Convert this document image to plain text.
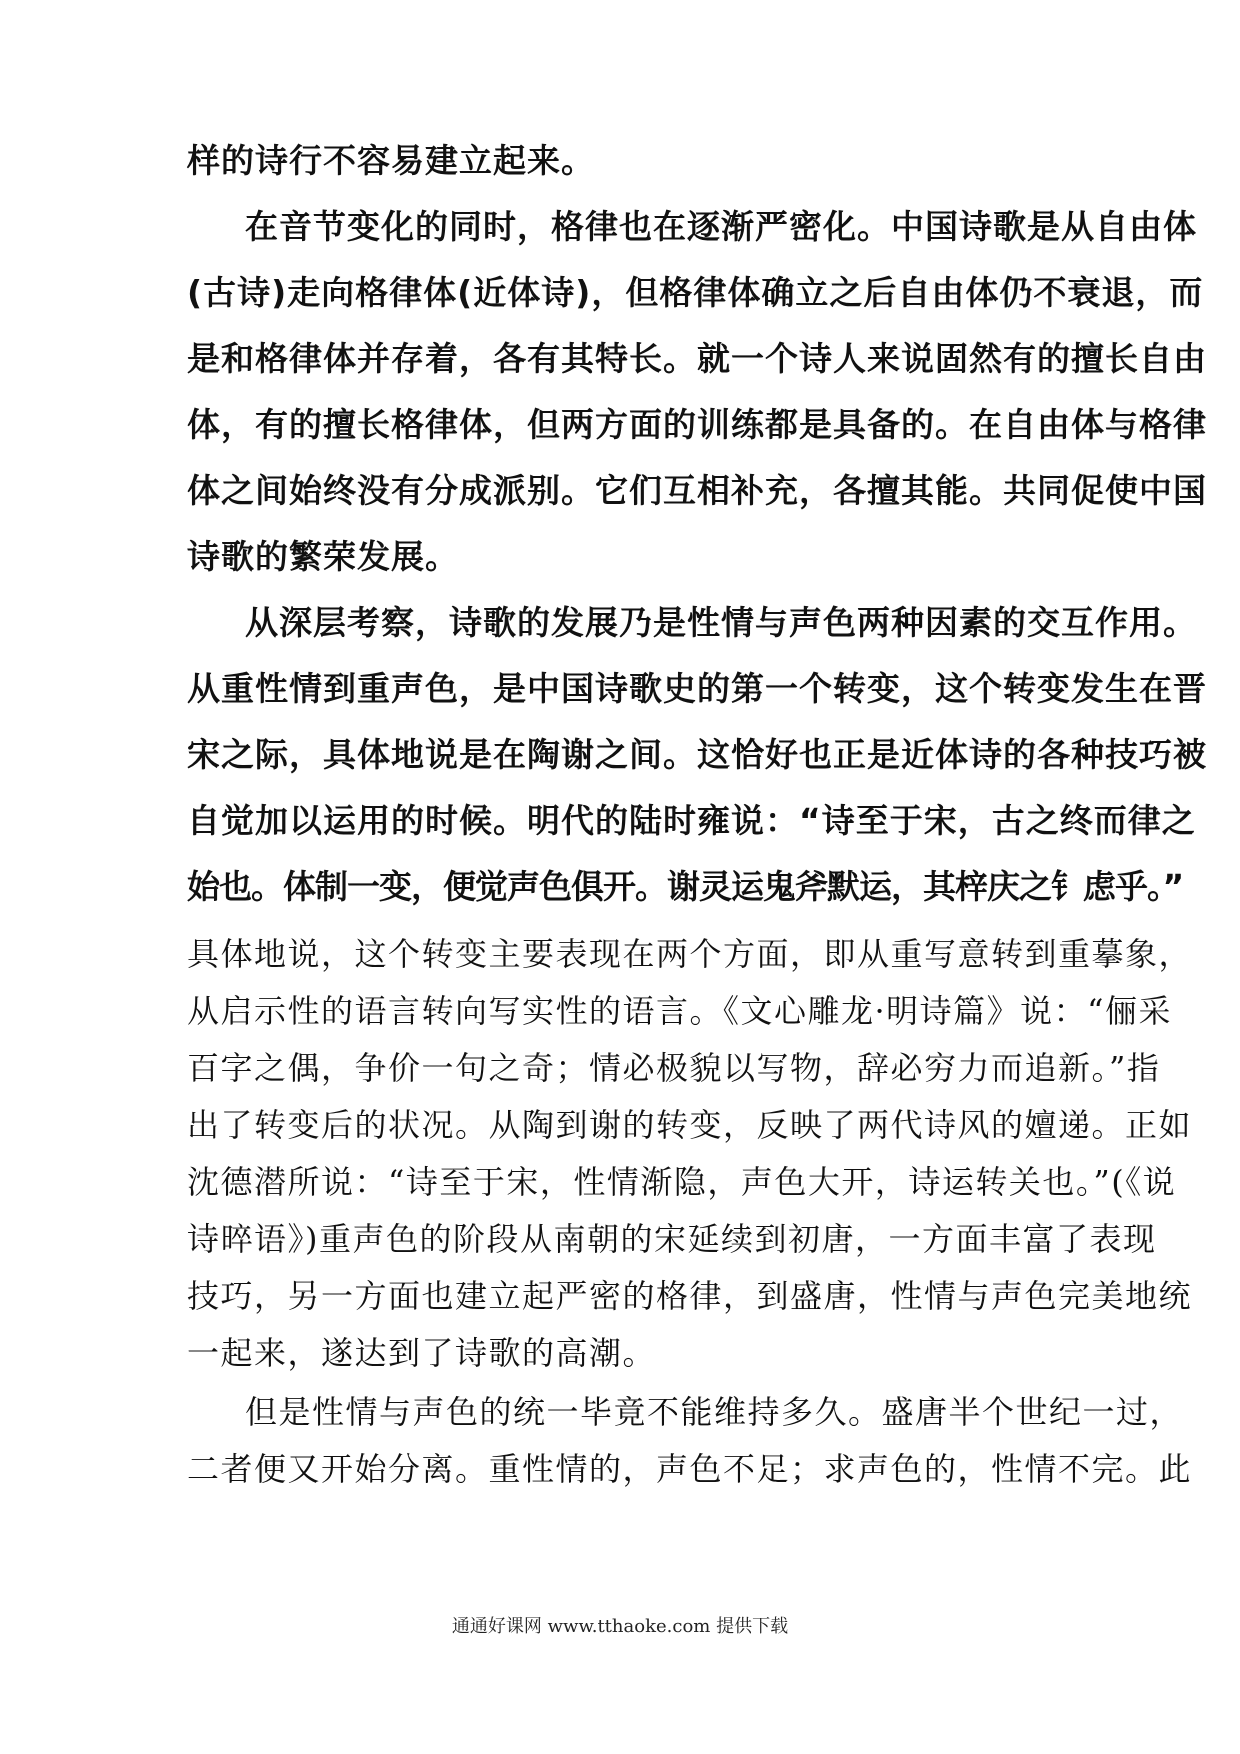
样的诗行不容易建立起来。
在音节变化的同时，格律也在逐渐严密化。中国诗歌是从自由体
(古诗)走向格律体(近体诗)，但格律体确立之后自由体仍不衰退，而
是和格律体并存着，各有其特长。就一个诗人来说固然有的擅长自由
体，有的擅长格律体，但两方面的训练都是具备的。在自由体与格律
体之间始终没有分成派别。它们互相补充，各擅其能。共同促使中国
诗歌的繁荣发展。
从深层考察，诗歌的发展乃是性情与声色两种因素的交互作用。
从重性情到重声色，是中国诗歌史的第一个转变，这个转变发生在晋
宋之际，具体地说是在陶谢之间。这恰好也正是近体诗的各种技巧被
自觉加以运用的时候。明代的陆时雍说：“诗至于宋，古之终而律之
始也。体制一变，便觉声色俱开。谢灵运鬼斧默运，其梓庆之钅虑乎。”
具体地说，这个转变主要表现在两个方面，即从重写意转到重摹象，
从启示性的语言转向写实性的语言。《文心雕龙·明诗篇》说：“俪采
百字之偶，争价一句之奇；情必极貌以写物，辞必穷力而追新。”指
出了转变后的状况。从陶到谢的转变，反映了两代诗风的嬗递。正如
沈德潜所说：“诗至于宋，性情渐隐，声色大开，诗运转关也。”(《说
诗晬语》)重声色的阶段从南朝的宋延续到初唐，一方面丰富了表现
技巧，另一方面也建立起严密的格律，到盛唐，性情与声色完美地统
一起来，遂达到了诗歌的高潮。
但是性情与声色的统一毕竟不能维持多久。盛唐半个世纪一过，
二者便又开始分离。重性情的，声色不足；求声色的，性情不完。此
通通好课网 www.tthaoke.com 提供下载
